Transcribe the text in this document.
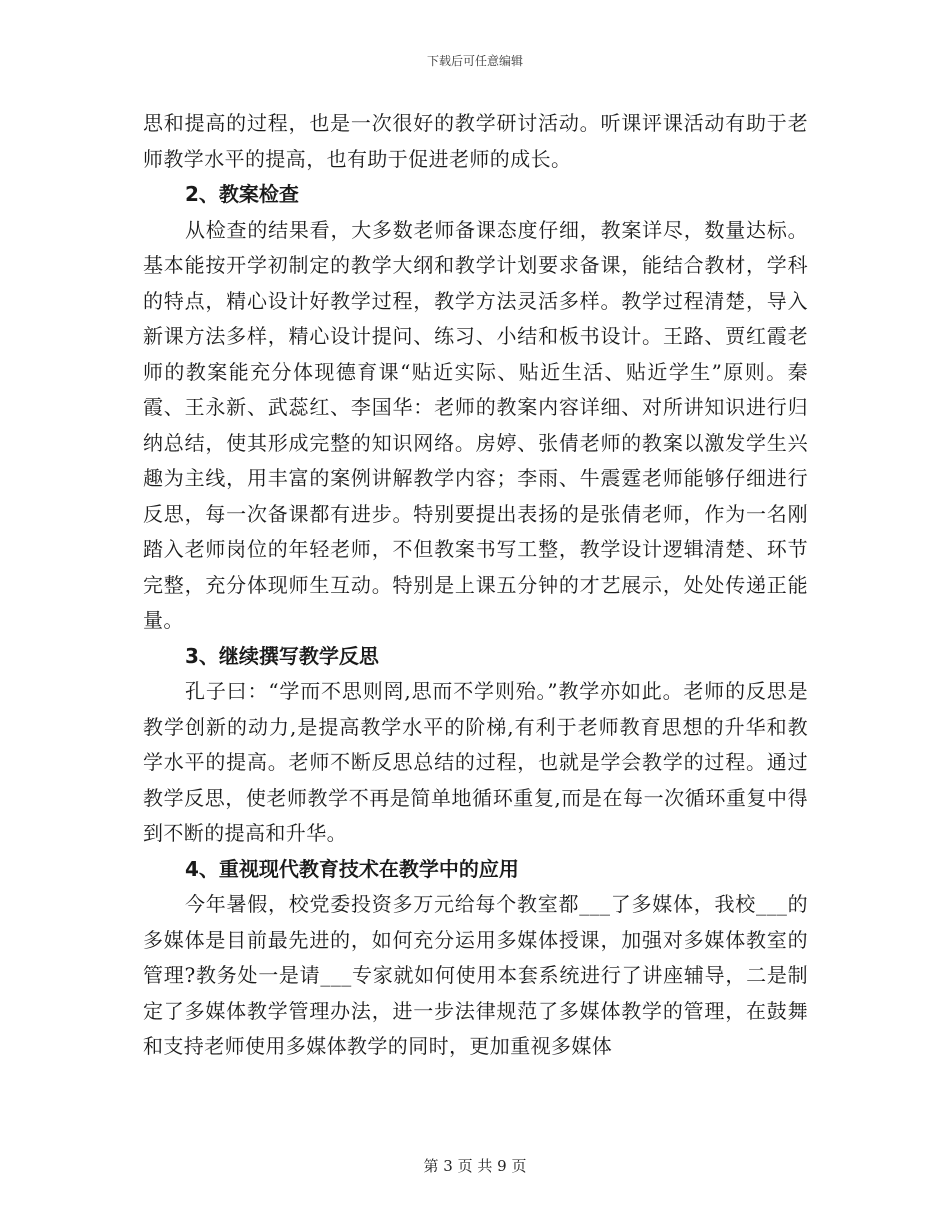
下载后可任意编辑

思和提高的过程，也是一次很好的教学研讨活动。听课评课活动有助于老师教学水平的提高，也有助于促进老师的成长。

2、教案检查

从检查的结果看，大多数老师备课态度仔细，教案详尽，数量达标。基本能按开学初制定的教学大纲和教学计划要求备课，能结合教材，学科的特点，精心设计好教学过程，教学方法灵活多样。教学过程清楚，导入新课方法多样，精心设计提问、练习、小结和板书设计。王路、贾红霞老师的教案能充分体现德育课“贴近实际、贴近生活、贴近学生”原则。秦霞、王永新、武蕊红、李国华：老师的教案内容详细、对所讲知识进行归纳总结，使其形成完整的知识网络。房婷、张倩老师的教案以激发学生兴趣为主线，用丰富的案例讲解教学内容；李雨、牛震霆老师能够仔细进行反思，每一次备课都有进步。特别要提出表扬的是张倩老师，作为一名刚踏入老师岗位的年轻老师，不但教案书写工整，教学设计逻辑清楚、环节完整，充分体现师生互动。特别是上课五分钟的才艺展示，处处传递正能量。

3、继续撰写教学反思

孔子曰：“学而不思则罔,思而不学则殆。”教学亦如此。老师的反思是教学创新的动力,是提高教学水平的阶梯,有利于老师教育思想的升华和教学水平的提高。老师不断反思总结的过程，也就是学会教学的过程。通过教学反思，使老师教学不再是简单地循环重复,而是在每一次循环重复中得到不断的提高和升华。

4、重视现代教育技术在教学中的应用

今年暑假，校党委投资多万元给每个教室都___了多媒体，我校___的多媒体是目前最先进的，如何充分运用多媒体授课，加强对多媒体教室的管理?教务处一是请___专家就如何使用本套系统进行了讲座辅导，二是制定了多媒体教学管理办法，进一步法律规范了多媒体教学的管理，在鼓舞和支持老师使用多媒体教学的同时，更加重视多媒体

第 3 页 共 9 页
